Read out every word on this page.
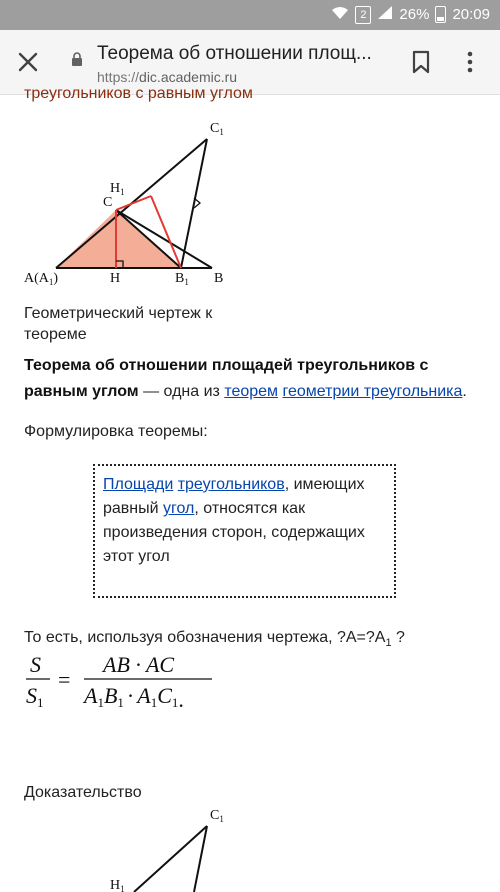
2	26% 20:09
Теорема об отношении площ...
https://dic.academic.ru
треугольников с равным углом
$C_1$
$H_1$
C
$A(A_1)$	H	$B_1$ B
Геометрический чертеж к теореме
Теорема об отношении площадей треугольников с равным углом — одна из теорем геометрии треугольника.
Формулировка теоремы:
Площади треугольников, имеющих равный угол, относятся как произведения сторон, содержащих этот угол
То есть, используя обозначения чертежа, $?A=?A_1$ ?
S
S1
=
AB · AC
A1B1 · A1C1.
Доказательство
$C_1$
$H_1$
